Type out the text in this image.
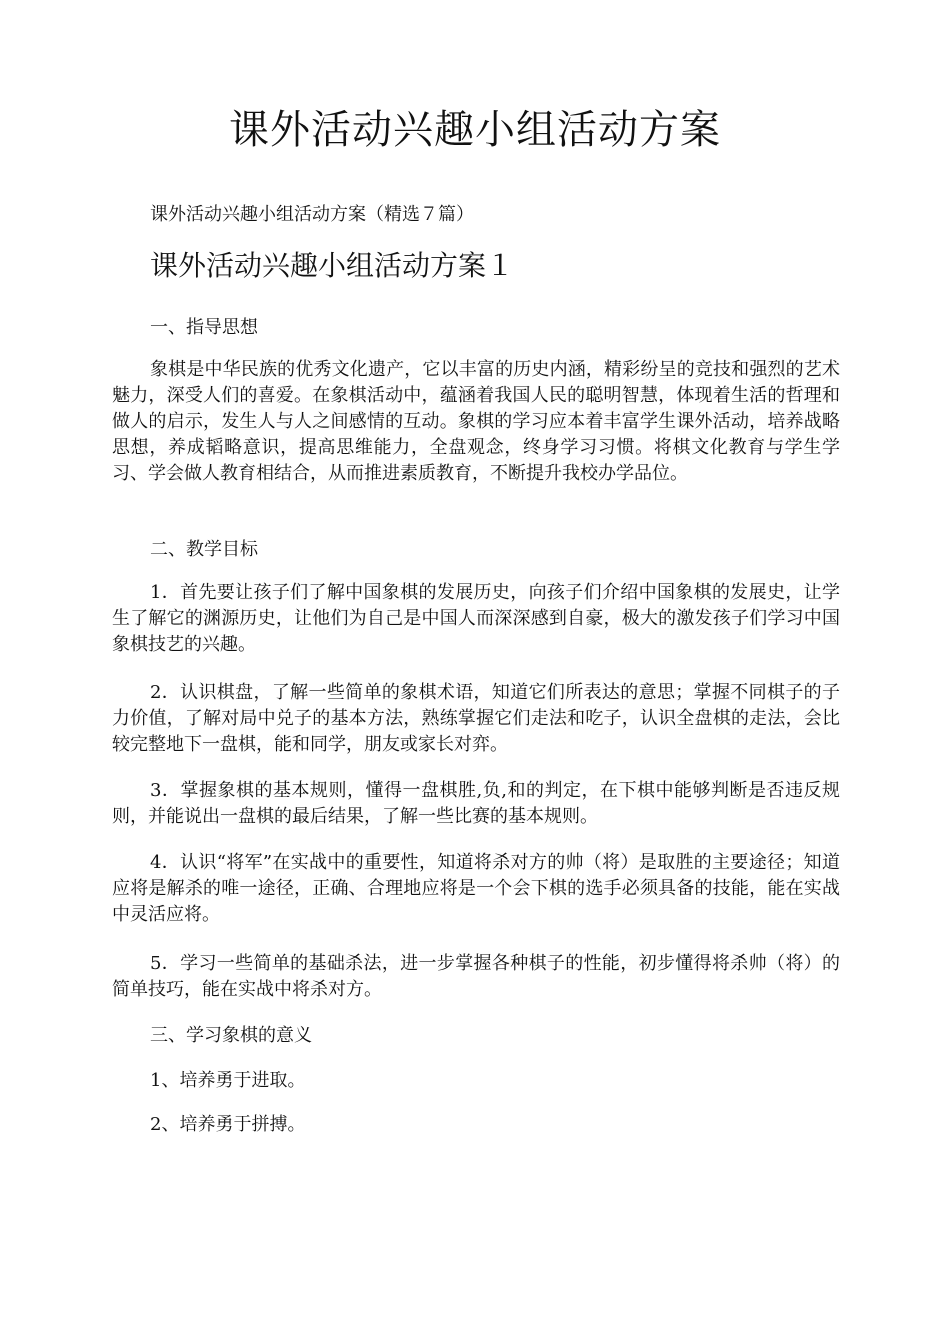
课外活动兴趣小组活动方案

课外活动兴趣小组活动方案（精选７篇）

课外活动兴趣小组活动方案１

一、指导思想

象棋是中华民族的优秀文化遗产，它以丰富的历史内涵，精彩纷呈的竞技和强烈的艺术魅力，深受人们的喜爱。在象棋活动中，蕴涵着我国人民的聪明智慧，体现着生活的哲理和做人的启示，发生人与人之间感情的互动。象棋的学习应本着丰富学生课外活动，培养战略思想，养成韬略意识，提高思维能力，全盘观念，终身学习习惯。将棋文化教育与学生学习、学会做人教育相结合，从而推进素质教育，不断提升我校办学品位。

二、教学目标

1．首先要让孩子们了解中国象棋的发展历史，向孩子们介绍中国象棋的发展史，让学生了解它的渊源历史，让他们为自己是中国人而深深感到自豪，极大的激发孩子们学习中国象棋技艺的兴趣。

2．认识棋盘，了解一些简单的象棋术语，知道它们所表达的意思；掌握不同棋子的子力价值，了解对局中兑子的基本方法，熟练掌握它们走法和吃子，认识全盘棋的走法，会比较完整地下一盘棋，能和同学，朋友或家长对弈。

3．掌握象棋的基本规则，懂得一盘棋胜,负,和的判定，在下棋中能够判断是否违反规则，并能说出一盘棋的最后结果，了解一些比赛的基本规则。

4．认识“将军”在实战中的重要性，知道将杀对方的帅（将）是取胜的主要途径；知道应将是解杀的唯一途径，正确、合理地应将是一个会下棋的选手必须具备的技能，能在实战中灵活应将。

5．学习一些简单的基础杀法，进一步掌握各种棋子的性能，初步懂得将杀帅（将）的简单技巧，能在实战中将杀对方。

三、学习象棋的意义

1、培养勇于进取。

2、培养勇于拼搏。
